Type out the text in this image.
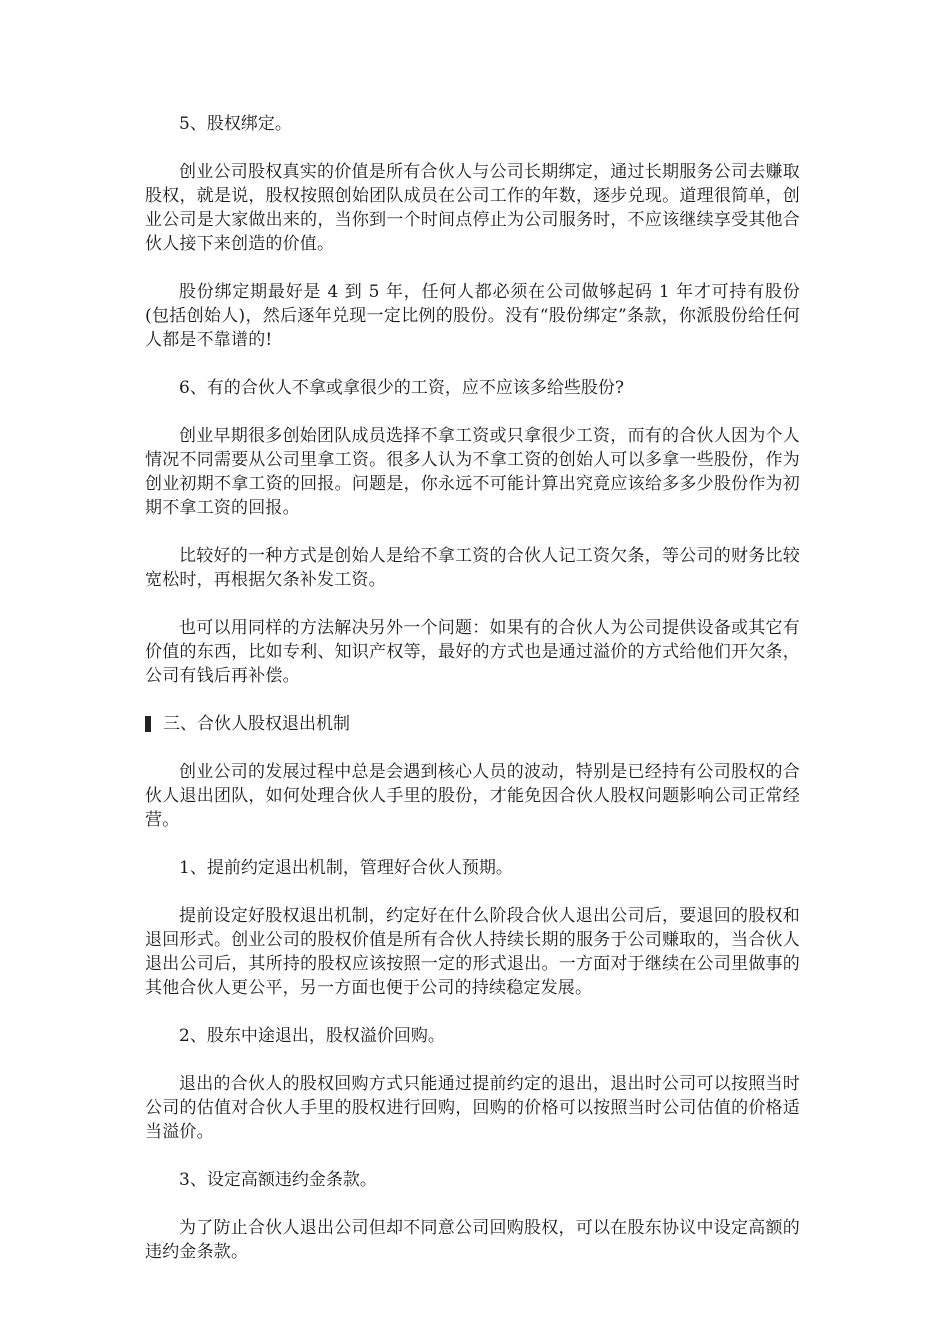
5、股权绑定。

创业公司股权真实的价值是所有合伙人与公司长期绑定，通过长期服务公司去赚取股权，就是说，股权按照创始团队成员在公司工作的年数，逐步兑现。道理很简单，创业公司是大家做出来的，当你到一个时间点停止为公司服务时，不应该继续享受其他合伙人接下来创造的价值。

股份绑定期最好是 4 到 5 年，任何人都必须在公司做够起码 1 年才可持有股份(包括创始人)，然后逐年兑现一定比例的股份。没有“股份绑定”条款，你派股份给任何人都是不靠谱的!

6、有的合伙人不拿或拿很少的工资，应不应该多给些股份?

创业早期很多创始团队成员选择不拿工资或只拿很少工资，而有的合伙人因为个人情况不同需要从公司里拿工资。很多人认为不拿工资的创始人可以多拿一些股份，作为创业初期不拿工资的回报。问题是，你永远不可能计算出究竟应该给多多少股份作为初期不拿工资的回报。

比较好的一种方式是创始人是给不拿工资的合伙人记工资欠条，等公司的财务比较宽松时，再根据欠条补发工资。

也可以用同样的方法解决另外一个问题：如果有的合伙人为公司提供设备或其它有价值的东西，比如专利、知识产权等，最好的方式也是通过溢价的方式给他们开欠条，公司有钱后再补偿。

三、合伙人股权退出机制

创业公司的发展过程中总是会遇到核心人员的波动，特别是已经持有公司股权的合伙人退出团队，如何处理合伙人手里的股份，才能免因合伙人股权问题影响公司正常经营。

1、提前约定退出机制，管理好合伙人预期。

提前设定好股权退出机制，约定好在什么阶段合伙人退出公司后，要退回的股权和退回形式。创业公司的股权价值是所有合伙人持续长期的服务于公司赚取的，当合伙人退出公司后，其所持的股权应该按照一定的形式退出。一方面对于继续在公司里做事的其他合伙人更公平，另一方面也便于公司的持续稳定发展。

2、股东中途退出，股权溢价回购。

退出的合伙人的股权回购方式只能通过提前约定的退出，退出时公司可以按照当时公司的估值对合伙人手里的股权进行回购，回购的价格可以按照当时公司估值的价格适当溢价。

3、设定高额违约金条款。

为了防止合伙人退出公司但却不同意公司回购股权，可以在股东协议中设定高额的违约金条款。
